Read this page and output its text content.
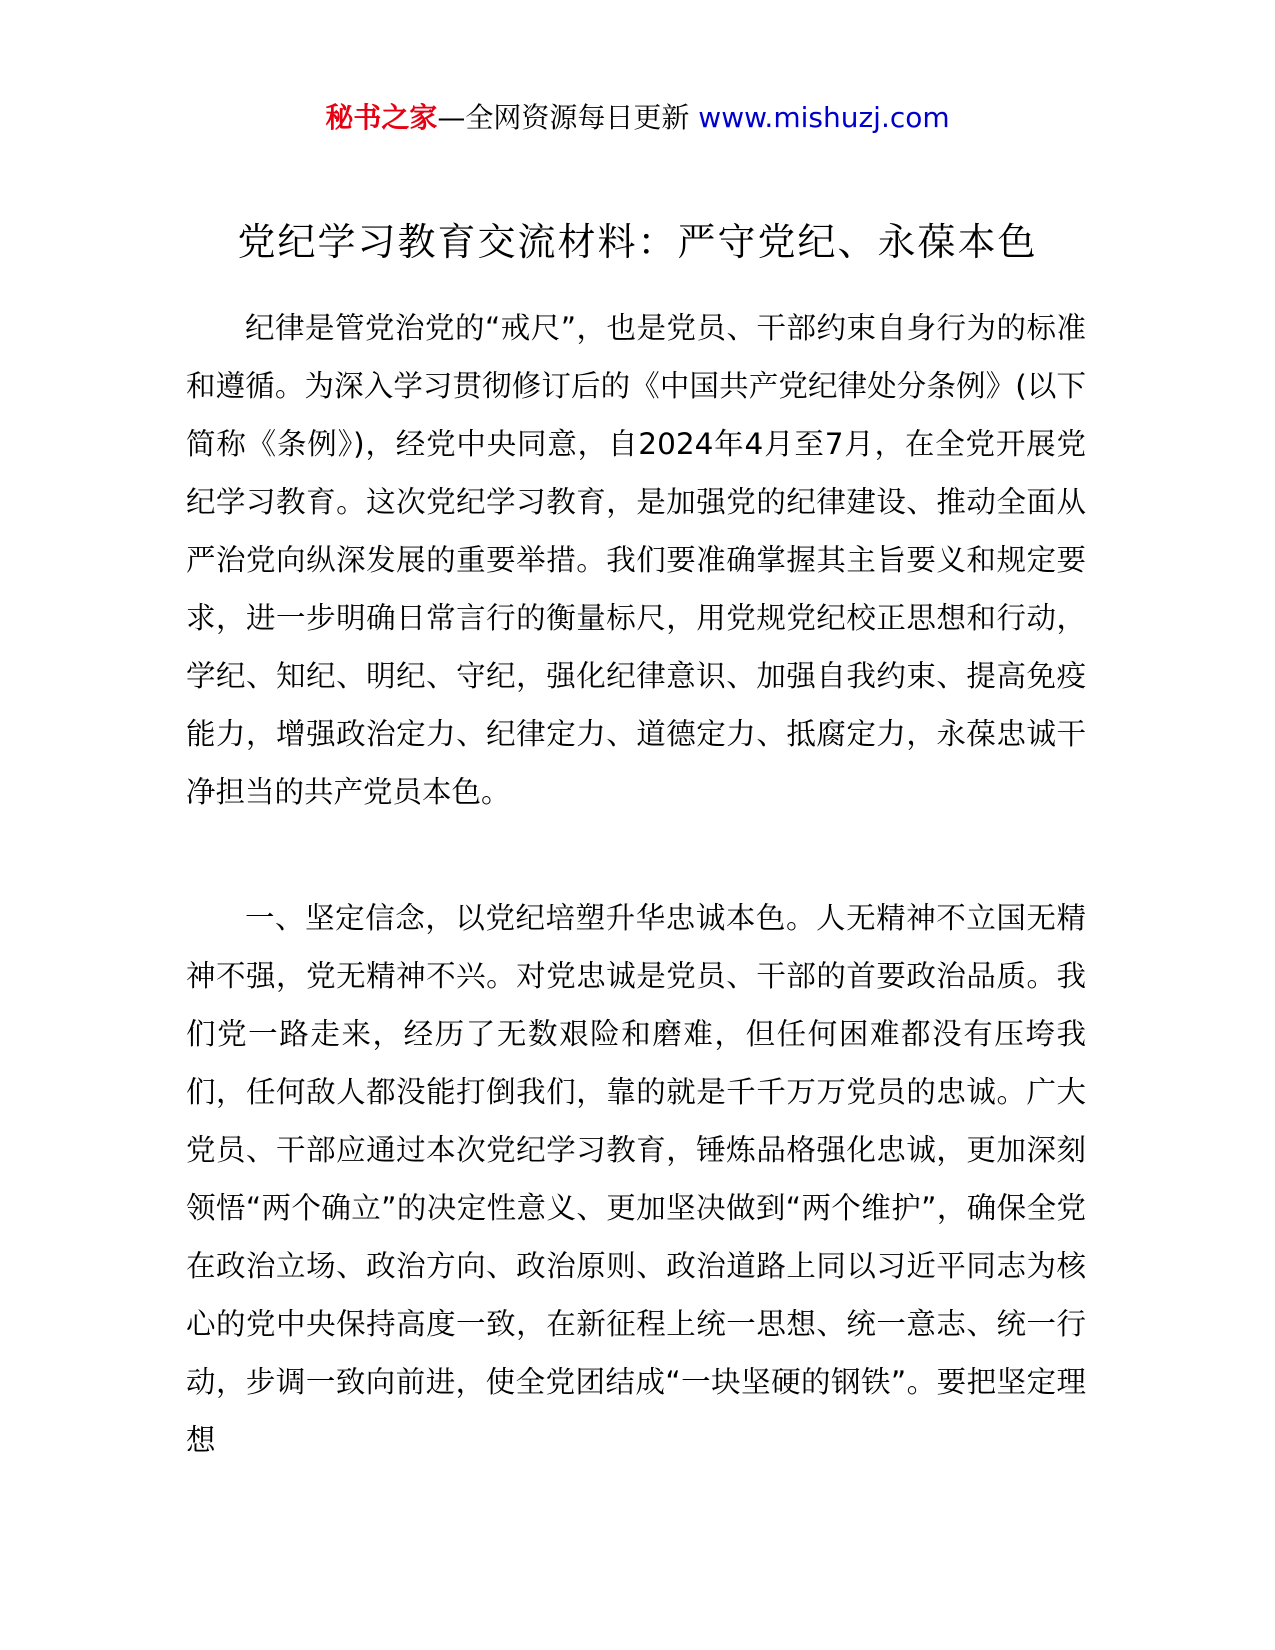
秘书之家—全网资源每日更新 www.mishuzj.com
党纪学习教育交流材料：严守党纪、永葆本色

纪律是管党治党的“戒尺”，也是党员、干部约束自身行为的标准和遵循。为深入学习贯彻修订后的《中国共产党纪律处分条例》(以下简称《条例》)，经党中央同意，自2024年4月至7月，在全党开展党纪学习教育。这次党纪学习教育，是加强党的纪律建设、推动全面从严治党向纵深发展的重要举措。我们要准确掌握其主旨要义和规定要求，进一步明确日常言行的衡量标尺，用党规党纪校正思想和行动，学纪、知纪、明纪、守纪，强化纪律意识、加强自我约束、提高免疫能力，增强政治定力、纪律定力、道德定力、抵腐定力，永葆忠诚干净担当的共产党员本色。

一、坚定信念，以党纪培塑升华忠诚本色。人无精神不立国无精神不强，党无精神不兴。对党忠诚是党员、干部的首要政治品质。我们党一路走来，经历了无数艰险和磨难，但任何困难都没有压垮我们，任何敌人都没能打倒我们，靠的就是千千万万党员的忠诚。广大党员、干部应通过本次党纪学习教育，锤炼品格强化忠诚，更加深刻领悟“两个确立”的决定性意义、更加坚决做到“两个维护”，确保全党在政治立场、政治方向、政治原则、政治道路上同以习近平同志为核心的党中央保持高度一致，在新征程上统一思想、统一意志、统一行动，步调一致向前进，使全党团结成“一块坚硬的钢铁”。要把坚定理想
